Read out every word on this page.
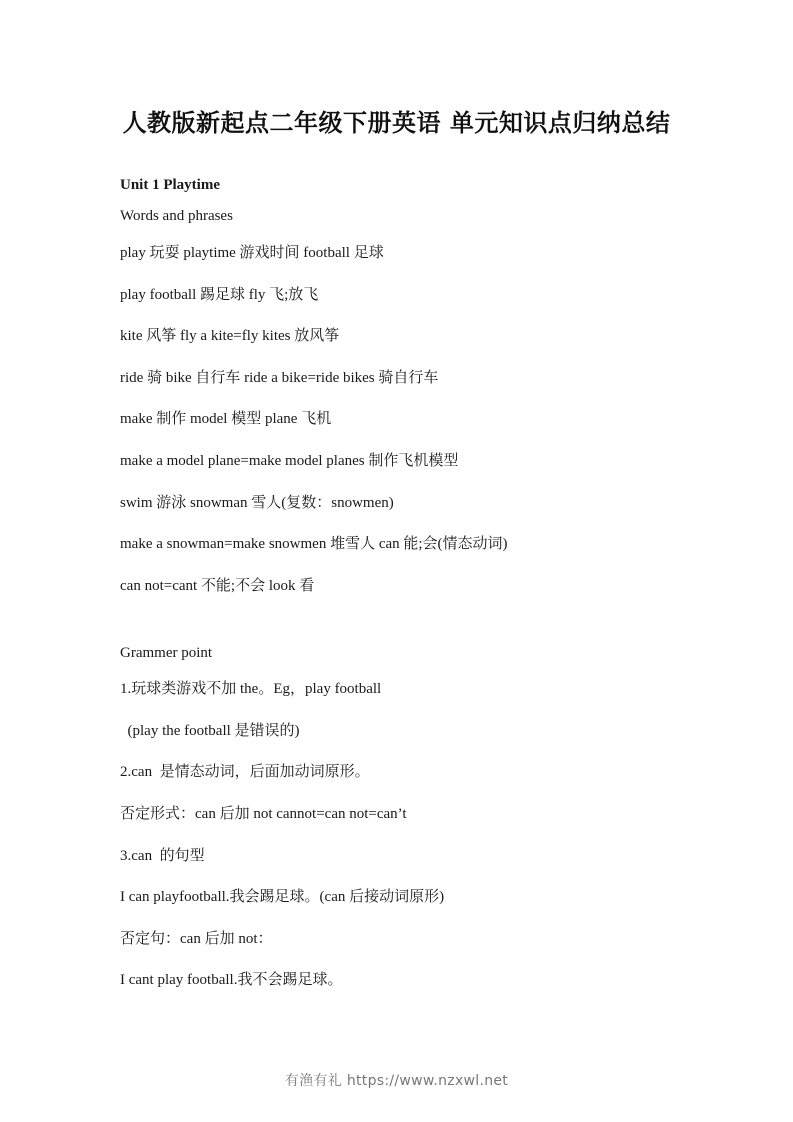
人教版新起点二年级下册英语 单元知识点归纳总结
Unit 1 Playtime
Words and phrases
play 玩耍 playtime 游戏时间 football 足球
play football 踢足球 fly 飞;放飞
kite 风筝 fly a kite=fly kites 放风筝
ride 骑 bike 自行车 ride a bike=ride bikes 骑自行车
make 制作 model 模型 plane 飞机
make a model plane=make model planes 制作飞机模型
swim 游泳 snowman 雪人(复数：snowmen)
make a snowman=make snowmen 堆雪人 can 能;会(情态动词)
can not=cant 不能;不会 look 看
Grammer point
1.玩球类游戏不加 the。Eg，play football
(play the football 是错误的)
2.can  是情态动词，后面加动词原形。
否定形式：can 后加 not cannot=can not=can’t
3.can  的句型
I can playfootball.我会踢足球。(can 后接动词原形)
否定句：can 后加 not：
I cant play football.我不会踢足球。
有渔有礼 https://www.nzxwl.net
